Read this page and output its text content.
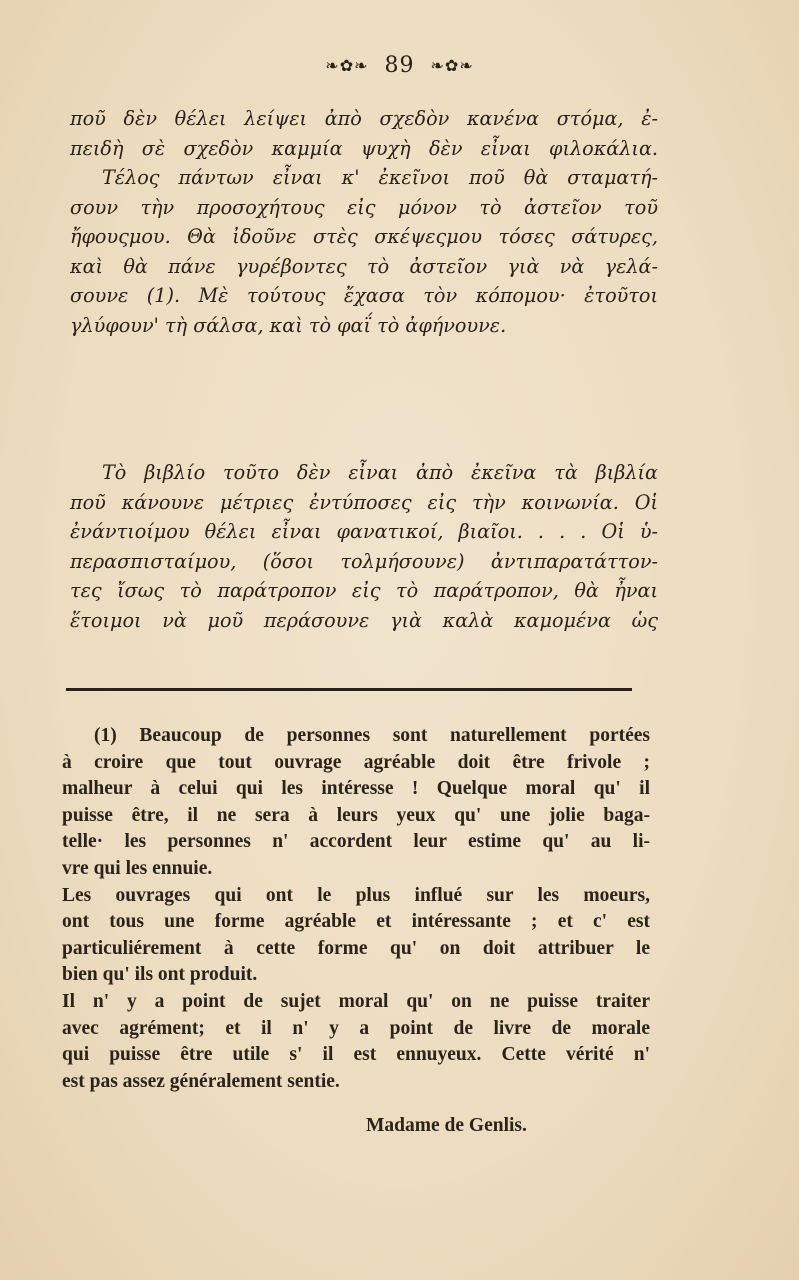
❧✿❧ 89 ❧✿❧
ποῦ δὲν θέλει λείψει ἀπὸ σχεδὸν κανένα στόμα, ἐ-
πειδὴ σὲ σχεδὸν καμμία ψυχὴ δὲν εἶναι φιλοκάλια.
Τέλος πάντων εἶναι κ' ἐκεῖνοι ποῦ θὰ σταματή-
σουν τὴν προσοχήτους εἰς μόνον τὸ ἀστεῖον τοῦ
ἤφουςμου. Θὰ ἰδοῦνε στὲς σκέψεςμου τόσες σάτυρες,
καὶ θὰ πάνε γυρέβοντες τὸ ἀστεῖον γιὰ νὰ γελά-
σουνε (1). Μὲ τούτους ἔχασα τὸν κόπομου· ἐτοῦτοι
γλύφουν' τὴ σάλσα, καὶ τὸ φαΐ τὸ ἀφήνουνε.
Τὸ βιβλίο τοῦτο δὲν εἶναι ἀπὸ ἐκεῖνα τὰ βιβλία
ποῦ κάνουνε μέτριες ἐντύποσες εἰς τὴν κοινωνία. Οἱ
ἐνάντιοίμου θέλει εἶναι φανατικοί, βιαῖοι. . . . Οἱ ὑ-
περασπισταίμου, (ὅσοι τολμήσουνε) ἀντιπαρατάττον-
τες ἴσως τὸ παράτροπον εἰς τὸ παράτροπον, θὰ ἦναι
ἕτοιμοι νὰ μοῦ περάσουνε γιὰ καλὰ καμομένα ὡς
(1) Beaucoup de personnes sont naturellement portées
à croire que tout ouvrage agréable doit être frivole ;
malheur à celui qui les intéresse ! Quelque moral qu' il
puisse être, il ne sera à leurs yeux qu' une jolie baga-
telle· les personnes n' accordent leur estime qu' au li-
vre qui les ennuie.
Les ouvrages qui ont le plus influé sur les moeurs,
ont tous une forme agréable et intéressante ; et c' est
particuliérement à cette forme qu' on doit attribuer le
bien qu' ils ont produit.
Il n' y a point de sujet moral qu' on ne puisse traiter
avec agrément; et il n' y a point de livre de morale
qui puisse être utile s' il est ennuyeux. Cette vérité n'
est pas assez généralement sentie.
Madame de Genlis.
